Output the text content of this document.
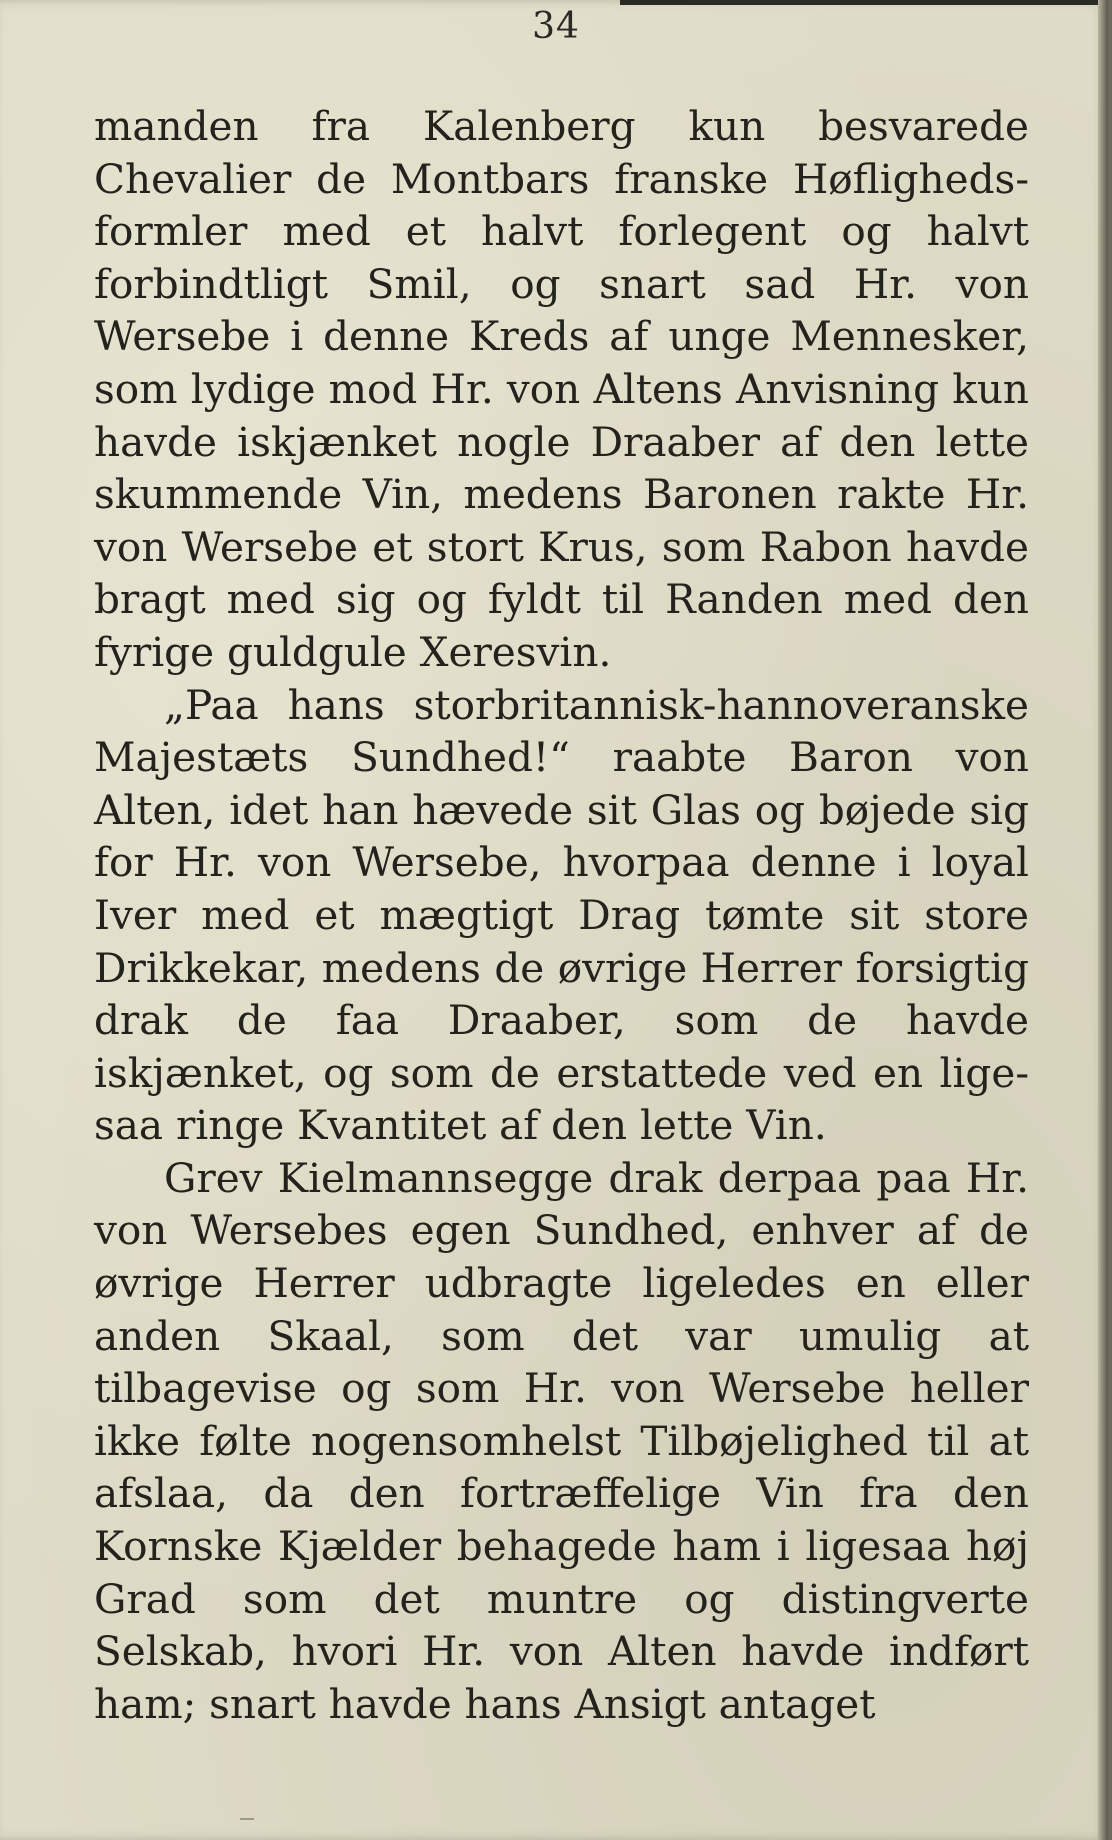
34

manden fra Kalenberg kun besvarede Chevalier de Montbars franske Høflighedsformler med et halvt forlegent og halvt forbindtligt Smil, og snart sad Hr. von Wersebe i denne Kreds af unge Mennesker, som lydige mod Hr. von Altens Anvisning kun havde iskjænket nogle Draaber af den lette skummende Vin, medens Baronen rakte Hr. von Wersebe et stort Krus, som Rabon havde bragt med sig og fyldt til Randen med den fyrige guldgule Xeresvin.

„Paa hans storbritannisk-hannoveranske Majestæts Sundhed!“ raabte Baron von Alten, idet han hævede sit Glas og bøjede sig for Hr. von Wersebe, hvorpaa denne i loyal Iver med et mægtigt Drag tømte sit store Drikkekar, medens de øvrige Herrer forsigtig drak de faa Draaber, som de havde iskjænket, og som de erstattede ved en ligesaa ringe Kvantitet af den lette Vin.

Grev Kielmannsegge drak derpaa paa Hr. von Wersebes egen Sundhed, enhver af de øvrige Herrer udbragte ligeledes en eller anden Skaal, som det var umulig at tilbagevise og som Hr. von Wersebe heller ikke følte nogensomhelst Tilbøjelighed til at afslaa, da den fortræffelige Vin fra den Kornske Kjælder behagede ham i ligesaa høj Grad som det muntre og distingverte Selskab, hvori Hr. von Alten havde indført ham; snart havde hans Ansigt antaget
